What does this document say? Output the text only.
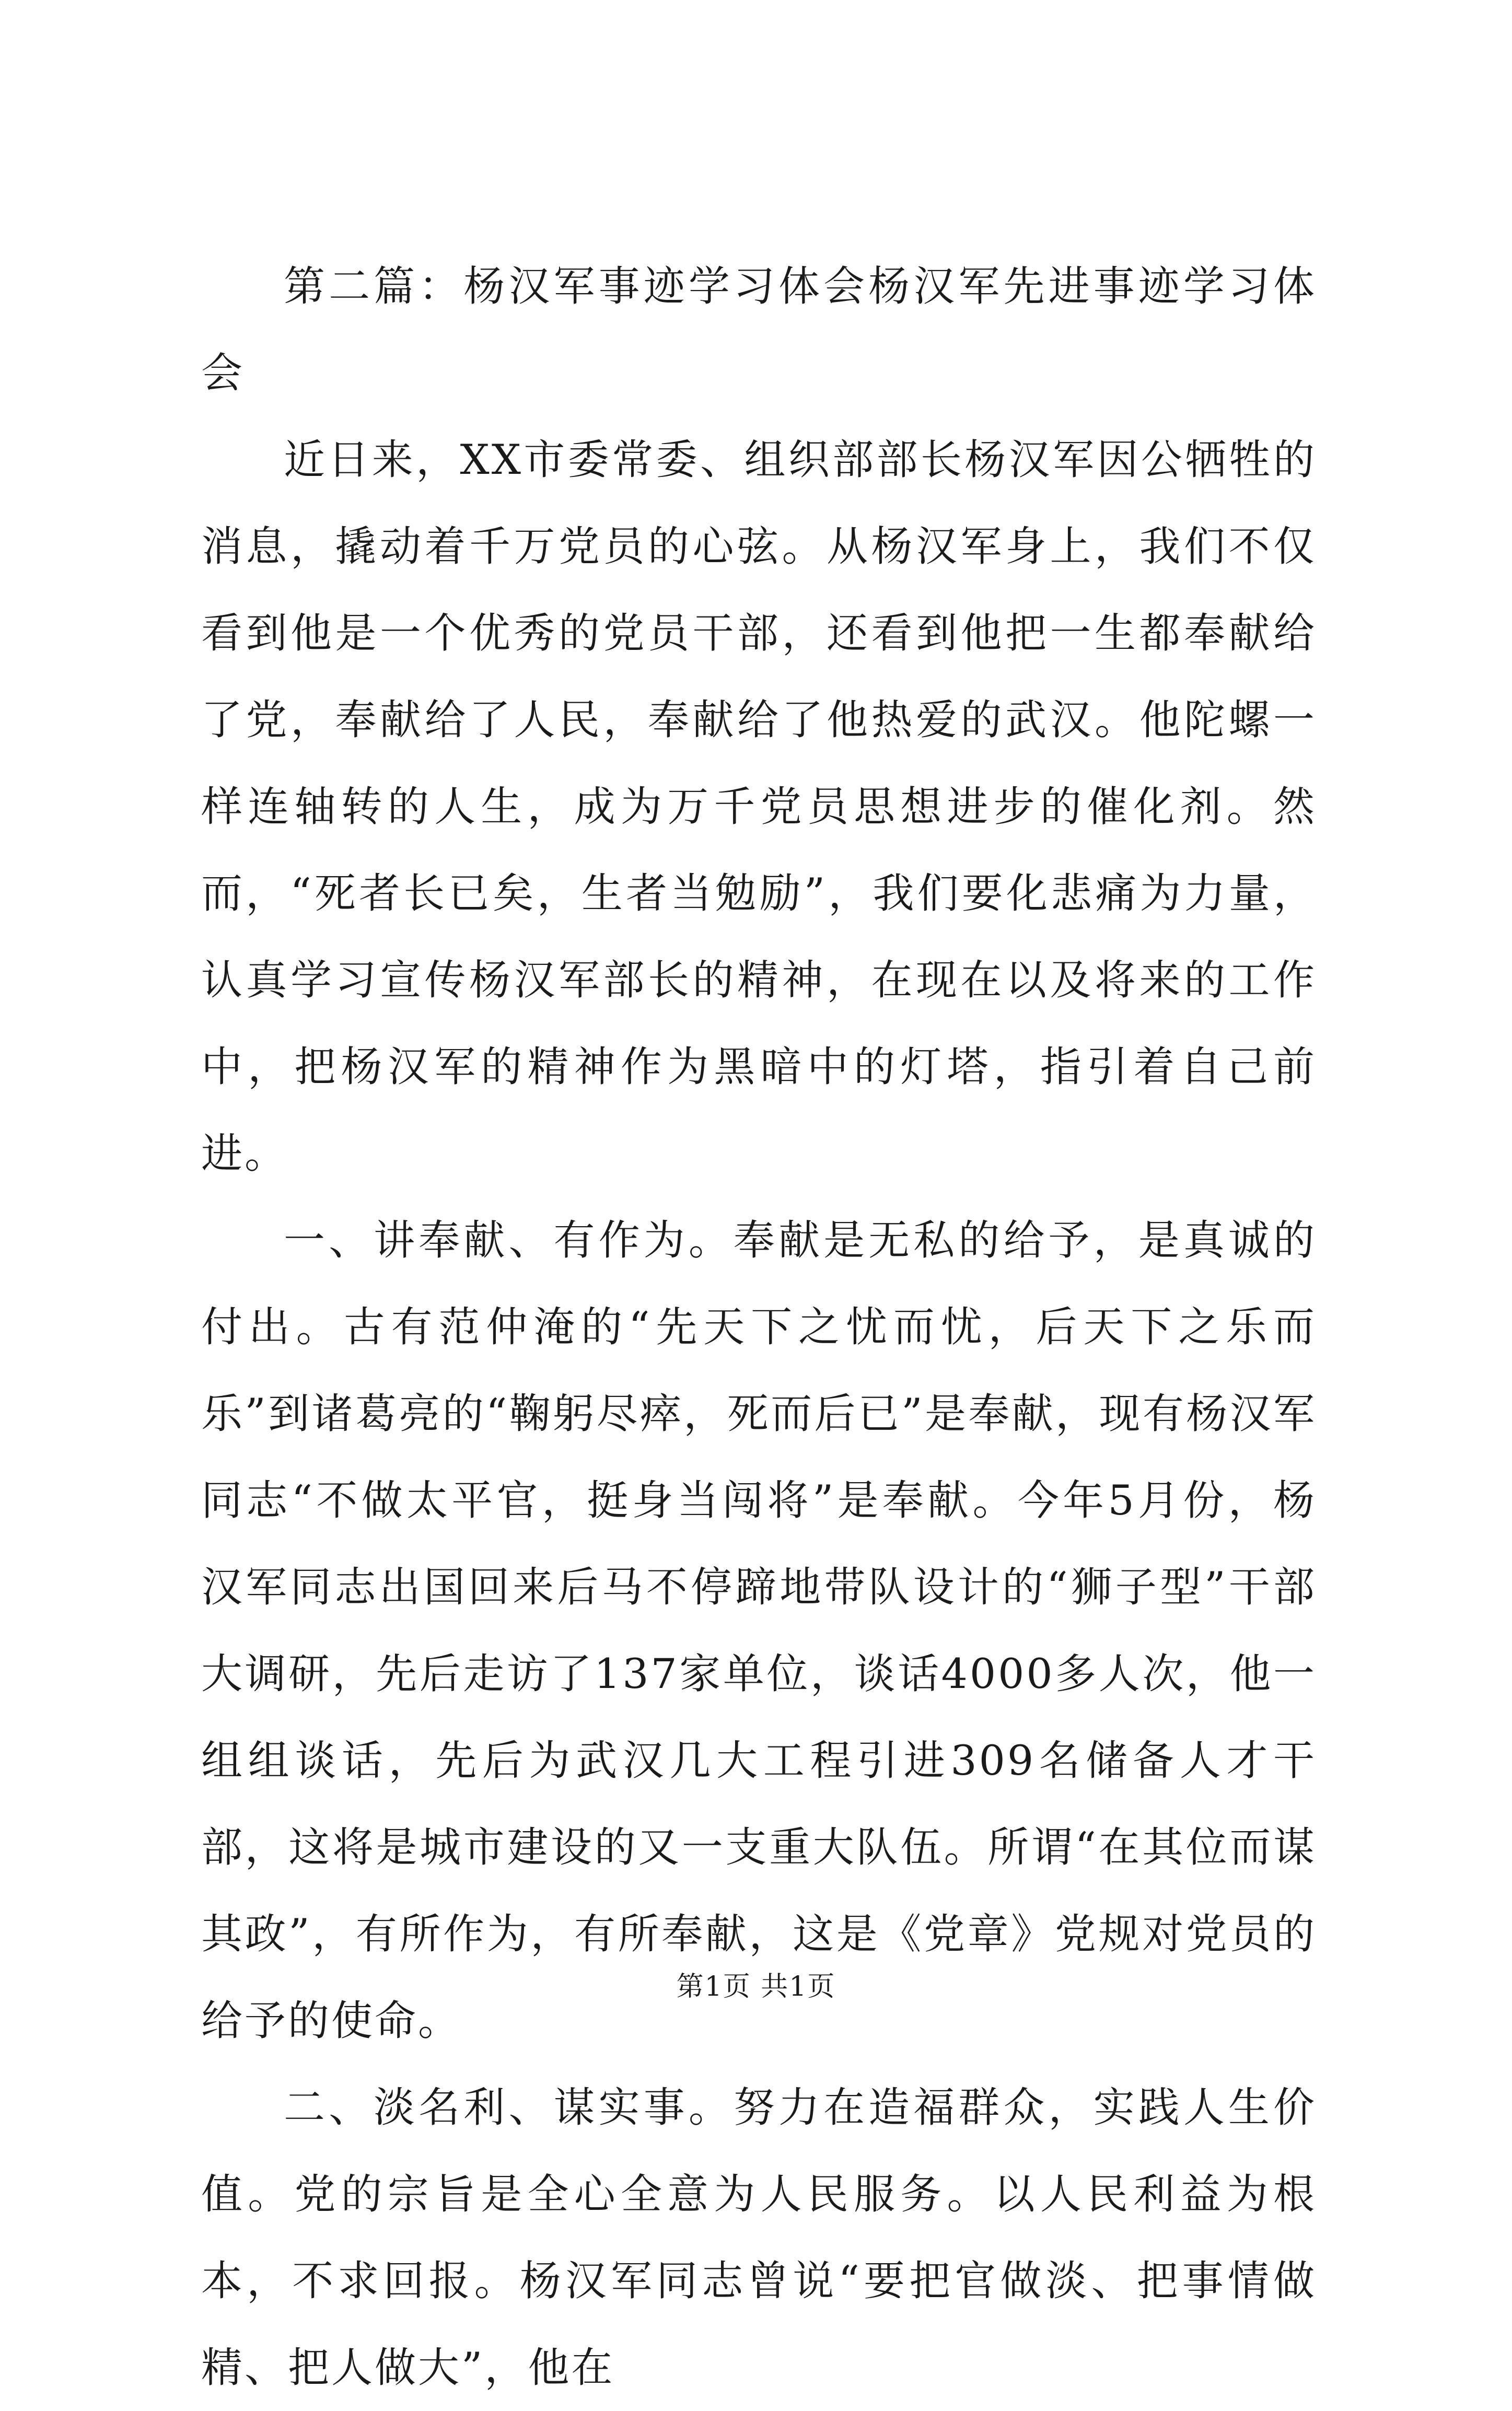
第二篇：杨汉军事迹学习体会杨汉军先进事迹学习体会

近日来，XX市委常委、组织部部长杨汉军因公牺牲的消息，撬动着千万党员的心弦。从杨汉军身上，我们不仅看到他是一个优秀的党员干部，还看到他把一生都奉献给了党，奉献给了人民，奉献给了他热爱的武汉。他陀螺一样连轴转的人生，成为万千党员思想进步的催化剂。然而，“死者长已矣，生者当勉励”，我们要化悲痛为力量，认真学习宣传杨汉军部长的精神，在现在以及将来的工作中，把杨汉军的精神作为黑暗中的灯塔，指引着自己前进。

一、讲奉献、有作为。奉献是无私的给予，是真诚的付出。古有范仲淹的“先天下之忧而忧，后天下之乐而乐”到诸葛亮的“鞠躬尽瘁，死而后已”是奉献，现有杨汉军同志“不做太平官，挺身当闯将”是奉献。今年5月份，杨汉军同志出国回来后马不停蹄地带队设计的“狮子型”干部大调研，先后走访了137家单位，谈话4000多人次，他一组组谈话，先后为武汉几大工程引进309名储备人才干部，这将是城市建设的又一支重大队伍。所谓“在其位而谋其政”，有所作为，有所奉献，这是《党章》党规对党员的给予的使命。

二、淡名利、谋实事。努力在造福群众，实践人生价值。党的宗旨是全心全意为人民服务。以人民利益为根本，不求回报。杨汉军同志曾说“要把官做淡、把事情做精、把人做大”，他在

第1页 共1页
